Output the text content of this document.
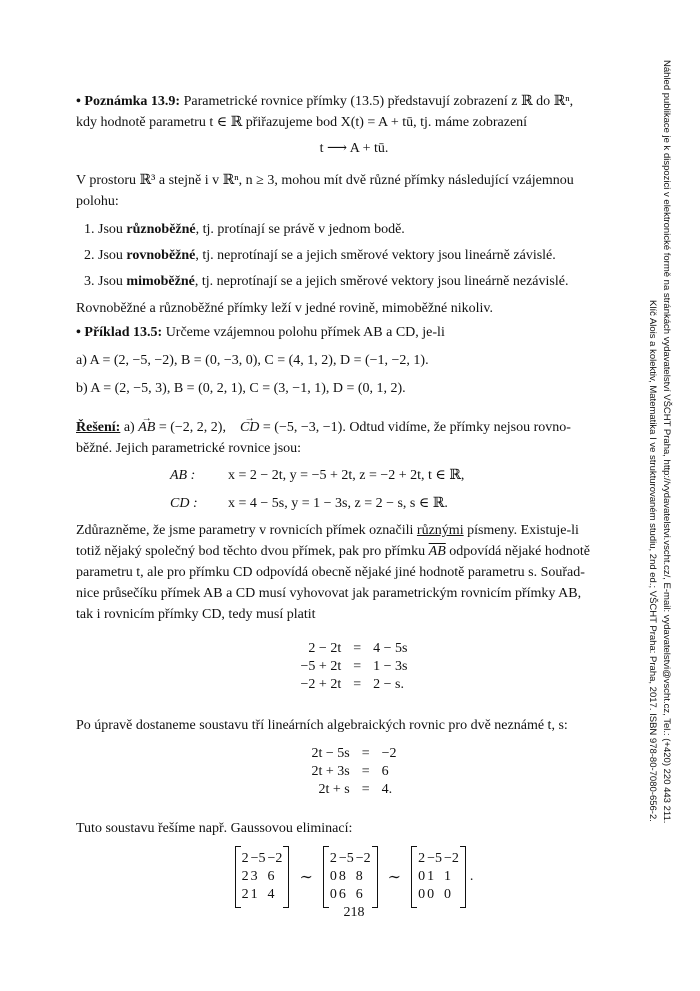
• Poznámka 13.9: Parametrické rovnice přímky (13.5) představují zobrazení z ℝ do ℝⁿ,
kdy hodnotě parametru t ∈ ℝ přiřazujeme bod X(t) = A + tū, tj. máme zobrazení
t ⟶ A + tū.
V prostoru ℝ³ a stejně i v ℝⁿ, n ≥ 3, mohou mít dvě různé přímky následující vzájemnou
polohu:
1. Jsou různoběžné, tj. protínají se právě v jednom bodě.
2. Jsou rovnoběžné, tj. neprotínají se a jejich směrové vektory jsou lineárně závislé.
3. Jsou mimoběžné, tj. neprotínají se a jejich směrové vektory jsou lineárně nezávislé.
Rovnoběžné a různoběžné přímky leží v jedné rovině, mimoběžné nikoliv.
• Příklad 13.5: Určeme vzájemnou polohu přímek AB a CD, je-li
a) A = (2, −5, −2), B = (0, −3, 0), C = (4, 1, 2), D = (−1, −2, 1).
b) A = (2, −5, 3), B = (0, 2, 1), C = (3, −1, 1), D = (0, 1, 2).
Řešení: a) → AB = (−2, 2, 2), → CD = (−5, −3, −1). Odtud vidíme, že přímky nejsou rovno-
běžné. Jejich parametrické rovnice jsou:
AB : x = 2 − 2t, y = −5 + 2t, z = −2 + 2t, t ∈ ℝ,
CD : x = 4 − 5s, y = 1 − 3s, z = 2 − s, s ∈ ℝ.
Zdůrazněme, že jsme parametry v rovnicích přímek označili různými písmeny. Existuje-li
totiž nějaký společný bod těchto dvou přímek, pak pro přímku $\overline{AB}$ odpovídá nějaké hodnotě
parametru t, ale pro přímku CD odpovídá obecně nějaké jiné hodnotě parametru s. Souřad-
nice průsečíku přímek AB a CD musí vyhovovat jak parametrickým rovnicím přímky AB,
tak i rovnicím přímky CD, tedy musí platit
2 − 2t	=	4 − 5s
−5 + 2t	=	1 − 3s
−2 + 2t	=	2 − s.
Po úpravě dostaneme soustavu tří lineárních algebraických rovnic pro dvě neznámé t, s:
2t − 5s	=	−2
2t + 3s	=	6
2t + s	=	4.
Tuto soustavu řešíme např. Gaussovou eliminací:
2	−5	−2
2	3	6
2	1	4
∼
2	−5	−2
0	8	8
0	6	6
∼
2	−5	−2
0	1	1
0	0	0
.
218
Náhled publikace je k dispozici v elektronické formě na stránkách vydavatelství VŠCHT Praha, http://vydavatelstvi.vscht.cz/, E-mail: vydavatelstvi@vscht.cz, Tel.: (+420) 220 443 211.
Klíč Alois a kolektiv, Matematika I ve strukturovaném studiu, 2nd ed.; VŠCHT Praha: Praha, 2017. ISBN 978-80-7080-656-2.
